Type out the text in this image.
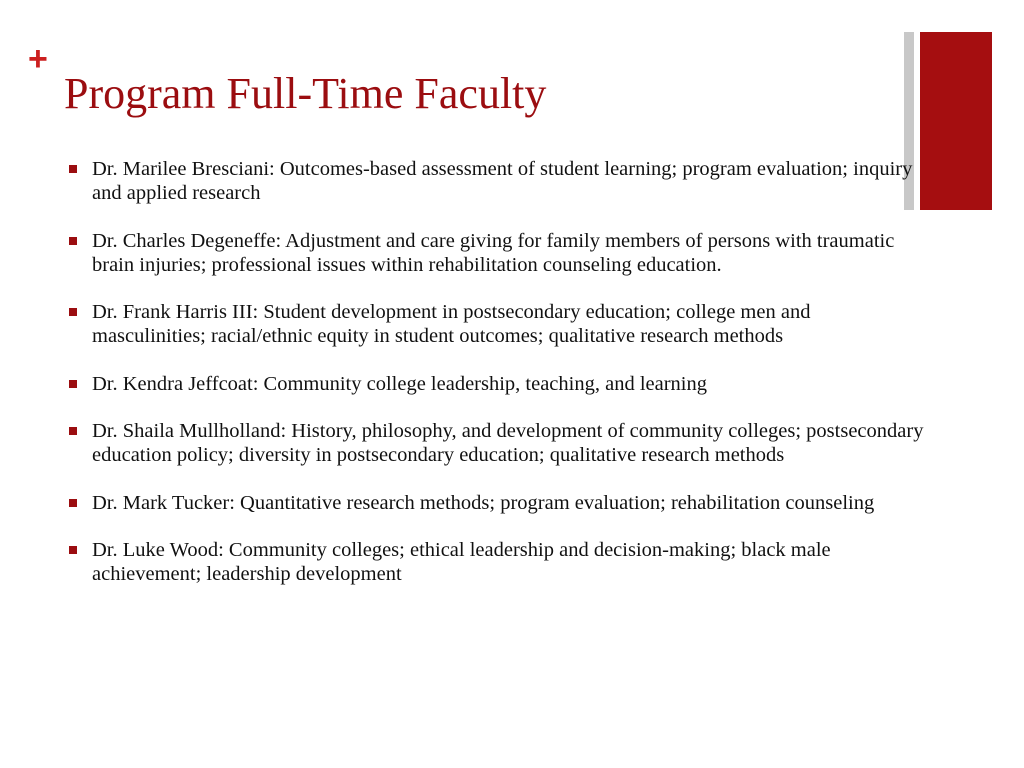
+
Program Full-Time Faculty
Dr. Marilee Bresciani: Outcomes-based assessment of student learning; program evaluation; inquiry and applied research
Dr. Charles Degeneffe: Adjustment and care giving for family members of persons with traumatic brain injuries; professional issues within rehabilitation counseling education.
Dr. Frank Harris III: Student development in postsecondary education; college men and masculinities; racial/ethnic equity in student outcomes; qualitative research methods
Dr. Kendra Jeffcoat: Community college leadership, teaching, and learning
Dr. Shaila Mullholland: History, philosophy, and development of community colleges; postsecondary education policy; diversity in postsecondary education; qualitative research methods
Dr. Mark Tucker: Quantitative research methods; program evaluation; rehabilitation counseling
Dr. Luke Wood: Community colleges; ethical leadership and decision-making; black male achievement; leadership development
